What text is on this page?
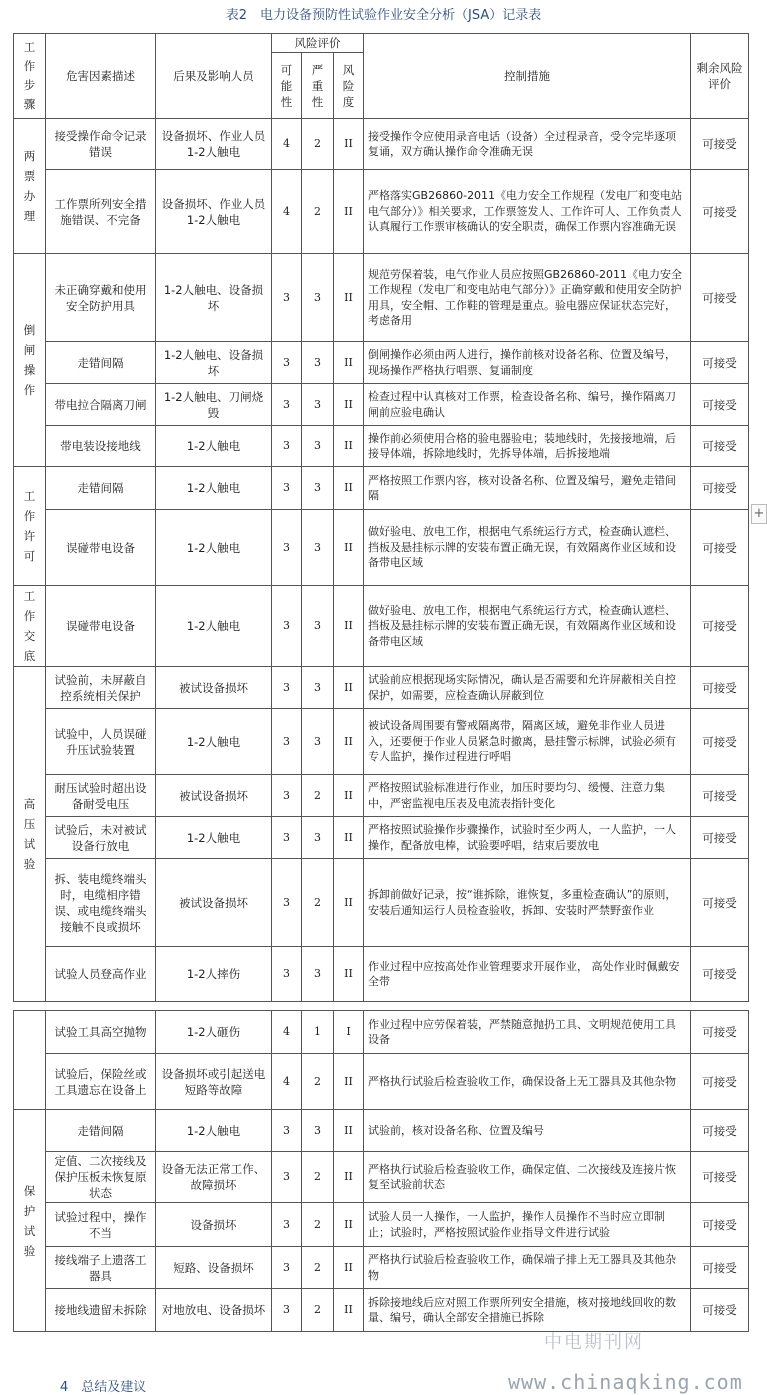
表2　电力设备预防性试验作业安全分析（JSA）记录表
工作步骤	危害因素描述	后果及影响人员	风险评价			控制措施	剩余风险评价
			可能性	严重性	风险度		
两票办理	接受操作命令记录错误	设备损坏、作业人员1-2人触电	4	2	II	接受操作令应使用录音电话（设备）全过程录音，受令完毕逐项复诵，双方确认操作命令准确无误	可接受
	工作票所列安全措施错误、不完备	设备损坏、作业人员1-2人触电	4	2	II	严格落实GB26860-2011《电力安全工作规程（发电厂和变电站电气部分）》相关要求，工作票签发人、工作许可人、工作负责人认真履行工作票审核确认的安全职责，确保工作票内容准确无误	可接受
倒闸操作	未正确穿戴和使用安全防护用具	1-2人触电、设备损坏	3	3	II	规范劳保着装，电气作业人员应按照GB26860-2011《电力安全工作规程（发电厂和变电站电气部分）》正确穿戴和使用安全防护用具，安全帽、工作鞋的管理是重点。验电器应保证状态完好，考虑备用	可接受
	走错间隔	1-2人触电、设备损坏	3	3	II	倒闸操作必须由两人进行，操作前核对设备名称、位置及编号，现场操作严格执行唱票、复诵制度	可接受
	带电拉合隔离刀闸	1-2人触电、刀闸烧毁	3	3	II	检查过程中认真核对工作票，检查设备名称、编号，操作隔离刀闸前应验电确认	可接受
	带电装设接地线	1-2人触电	3	3	II	操作前必须使用合格的验电器验电；装地线时，先接接地端，后接导体端，拆除地线时，先拆导体端，后拆接地端	可接受
工作许可	走错间隔	1-2人触电	3	3	II	严格按照工作票内容，核对设备名称、位置及编号，避免走错间隔	可接受
	误碰带电设备	1-2人触电	3	3	II	做好验电、放电工作，根据电气系统运行方式，检查确认遮栏、挡板及悬挂标示牌的安装布置正确无误，有效隔离作业区域和设备带电区域	可接受
工作交底	误碰带电设备	1-2人触电	3	3	II	做好验电、放电工作，根据电气系统运行方式，检查确认遮栏、挡板及悬挂标示牌的安装布置正确无误，有效隔离作业区域和设备带电区域	可接受
高压试验	试验前，未屏蔽自控系统相关保护	被试设备损坏	3	3	II	试验前应根据现场实际情况，确认是否需要和允许屏蔽相关自控保护，如需要，应检查确认屏蔽到位	可接受
	试验中，人员误碰升压试验装置	1-2人触电	3	3	II	被试设备周围要有警戒隔离带，隔离区域，避免非作业人员进入，还要便于作业人员紧急时撤离，悬挂警示标牌，试验必须有专人监护，操作过程进行呼唱	可接受
	耐压试验时超出设备耐受电压	被试设备损坏	3	2	II	严格按照试验标准进行作业，加压时要均匀、缓慢、注意力集中，严密监视电压表及电流表指针变化	可接受
	试验后，未对被试设备行放电	1-2人触电	3	3	II	严格按照试验操作步骤操作，试验时至少两人，一人监护，一人操作，配备放电棒，试验要呼唱，结束后要放电	可接受
	拆、装电缆终端头时，电缆相序错误、或电缆终端头接触不良或损坏	被试设备损坏	3	2	II	拆卸前做好记录，按“谁拆除，谁恢复，多重检查确认”的原则，安装后通知运行人员检查验收，拆卸、安装时严禁野蛮作业	可接受
	试验人员登高作业	1-2人摔伤	3	3	II	作业过程中应按高处作业管理要求开展作业， 高处作业时佩戴安全带	可接受
	试验工具高空抛物	1-2人砸伤	4	1	I	作业过程中应劳保着装，严禁随意抛扔工具、文明规范使用工具设备	可接受
	试验后，保险丝或工具遗忘在设备上	设备损坏或引起送电短路等故障	4	2	II	严格执行试验后检查验收工作，确保设备上无工器具及其他杂物	可接受
保护试验	走错间隔	1-2人触电	3	3	II	试验前，核对设备名称、位置及编号	可接受
	定值、二次接线及保护压板未恢复原状态	设备无法正常工作、故障损坏	3	2	II	严格执行试验后检查验收工作，确保定值、二次接线及连接片恢复至试验前状态	可接受
	试验过程中，操作不当	设备损坏	3	2	II	试验人员一人操作，一人监护，操作人员操作不当时应立即制止；试验时，严格按照试验作业指导文件进行试验	可接受
	接线端子上遗落工器具	短路、设备损坏	3	2	II	严格执行试验后检查验收工作，确保端子排上无工器具及其他杂物	可接受
	接地线遗留未拆除	对地放电、设备损坏	3	2	II	拆除接地线后应对照工作票所列安全措施，核对接地线回收的数量、编号，确认全部安全措施已拆除	可接受
+
中电期刊网
www.chinaqking.com
4　总结及建议
